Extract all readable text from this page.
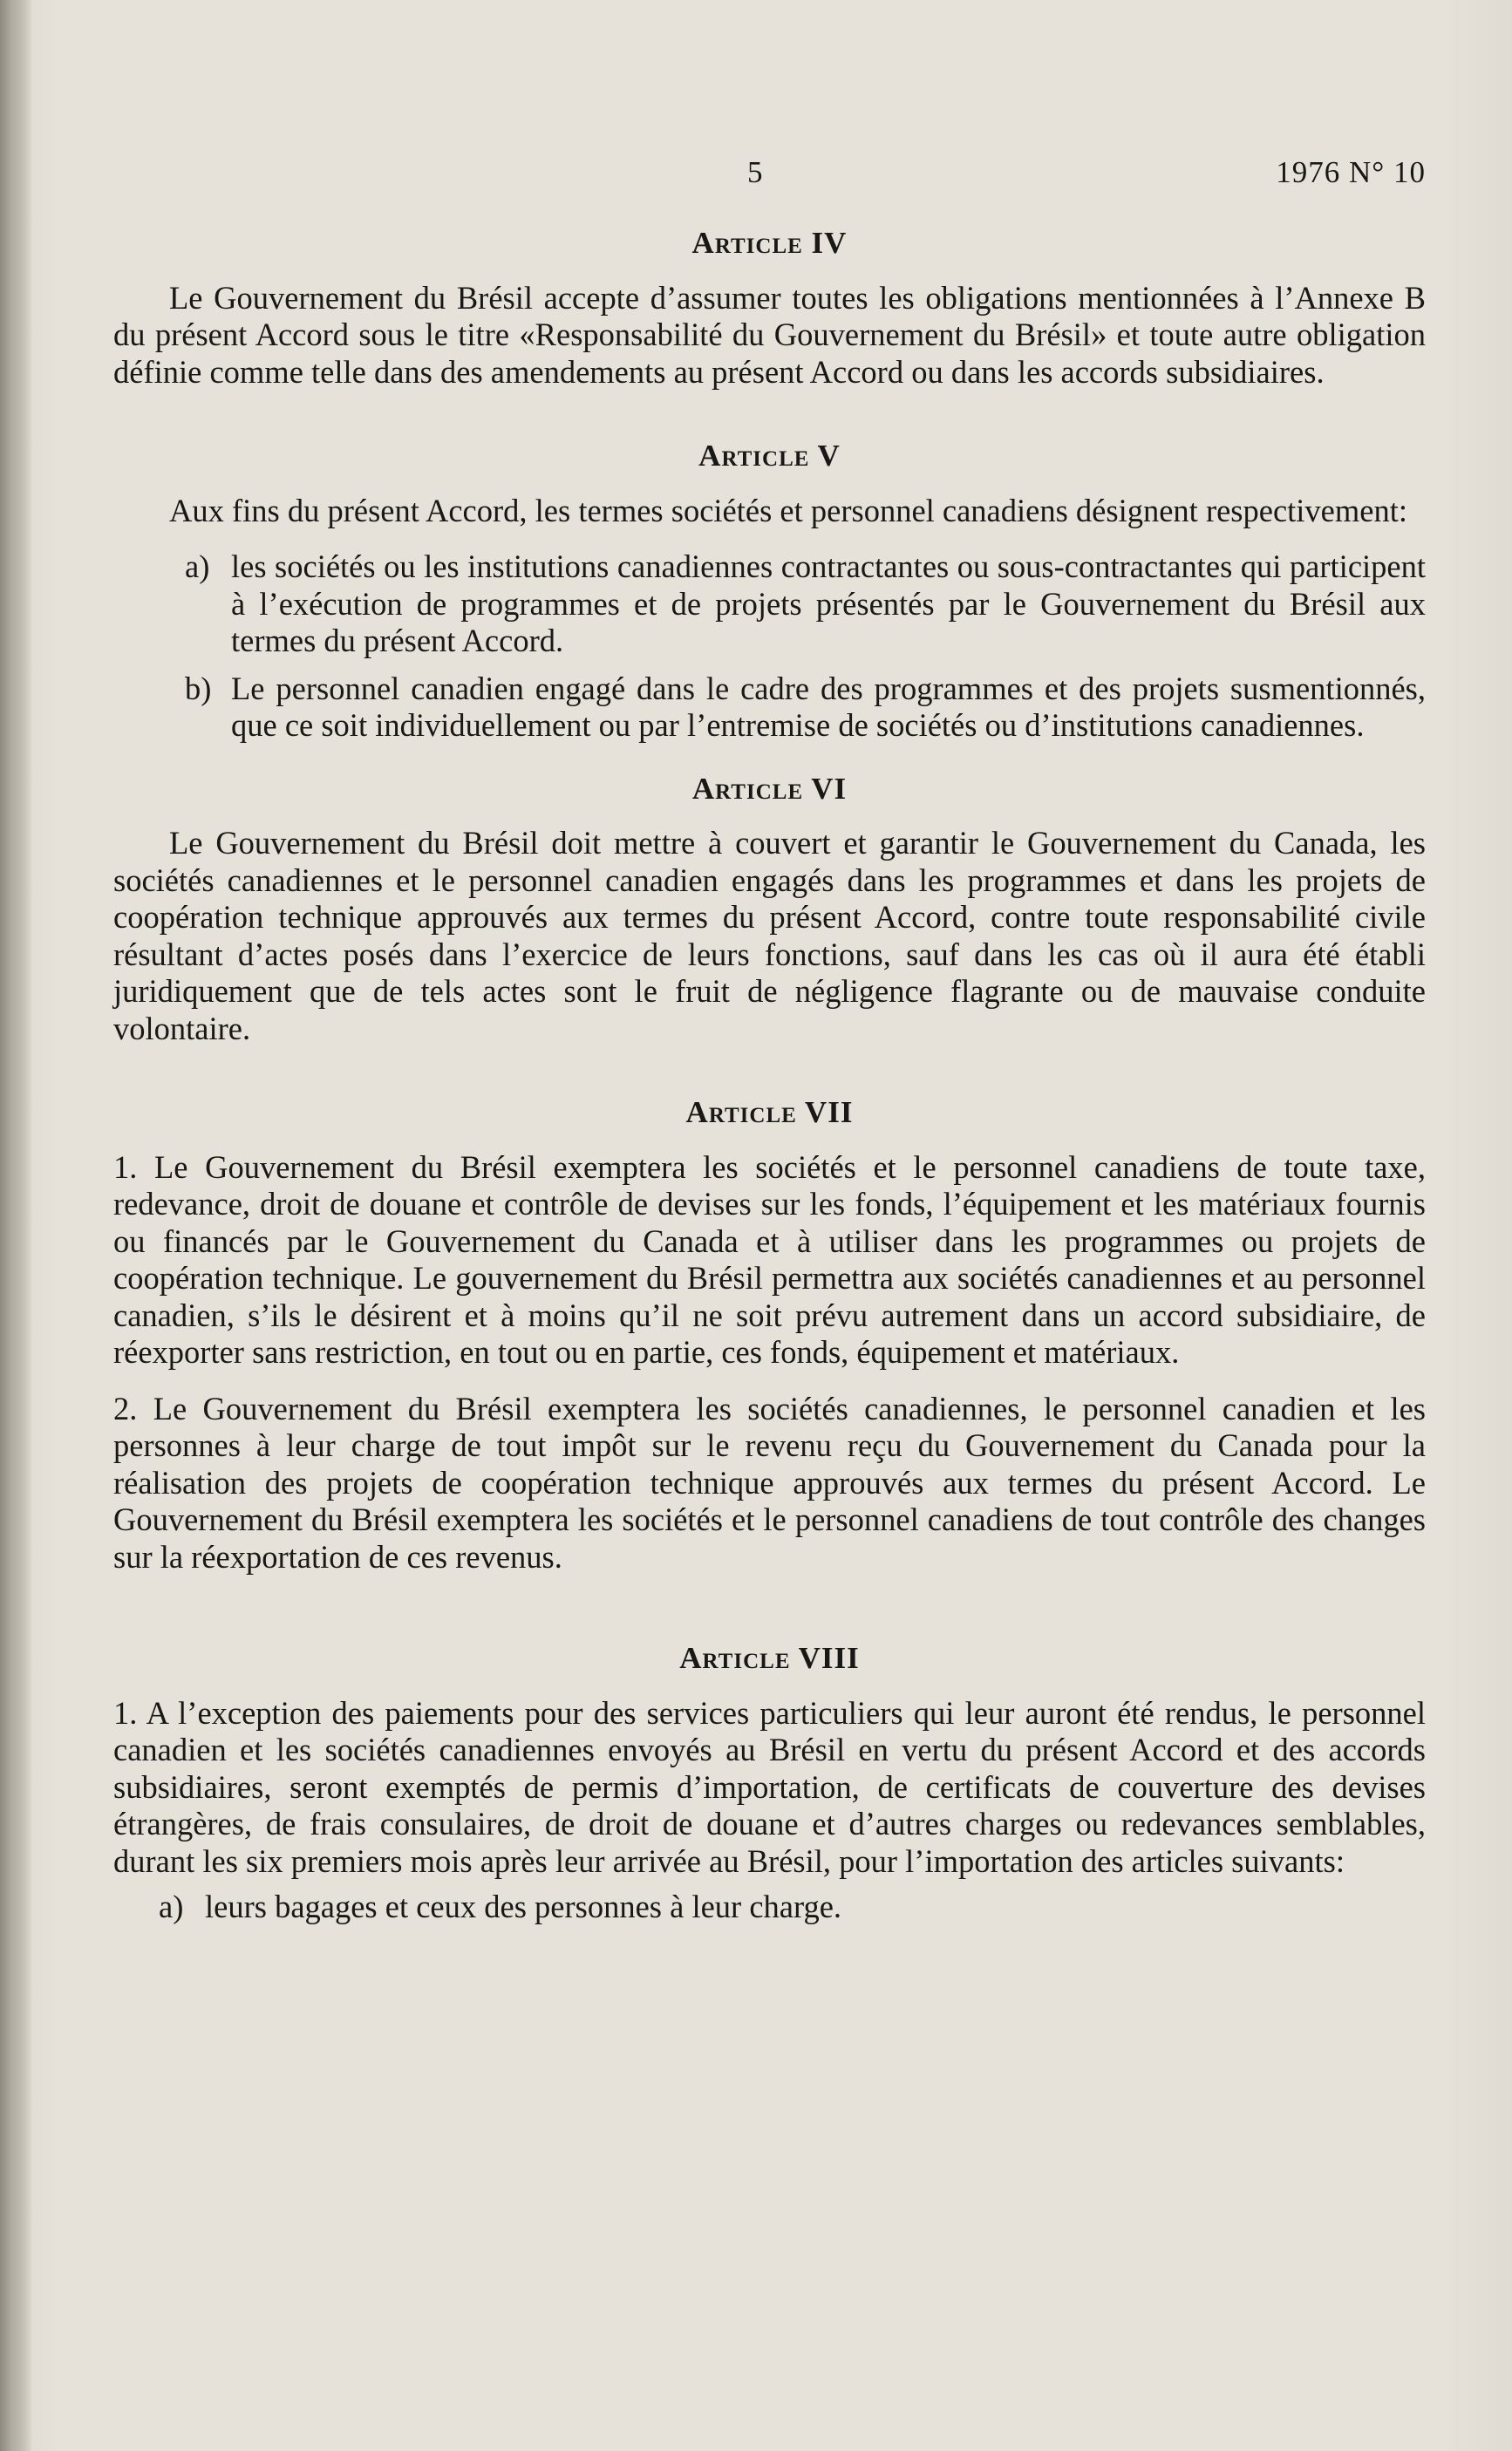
5	1976 N° 10
Article IV

Le Gouvernement du Brésil accepte d’assumer toutes les obligations mentionnées à l’Annexe B du présent Accord sous le titre «Responsabilité du Gouvernement du Brésil» et toute autre obligation définie comme telle dans des amendements au présent Accord ou dans les accords subsidiaires.

Article V

Aux fins du présent Accord, les termes sociétés et personnel canadiens désignent respectivement:

a) les sociétés ou les institutions canadiennes contractantes ou sous-contractantes qui participent à l’exécution de programmes et de projets présentés par le Gouvernement du Brésil aux termes du présent Accord.
b) Le personnel canadien engagé dans le cadre des programmes et des projets susmentionnés, que ce soit individuellement ou par l’entremise de sociétés ou d’institutions canadiennes.
Article VI

Le Gouvernement du Brésil doit mettre à couvert et garantir le Gouvernement du Canada, les sociétés canadiennes et le personnel canadien engagés dans les programmes et dans les projets de coopération technique approuvés aux termes du présent Accord, contre toute responsabilité civile résultant d’actes posés dans l’exercice de leurs fonctions, sauf dans les cas où il aura été établi juridiquement que de tels actes sont le fruit de négligence flagrante ou de mauvaise conduite volontaire.

Article VII

1. Le Gouvernement du Brésil exemptera les sociétés et le personnel canadiens de toute taxe, redevance, droit de douane et contrôle de devises sur les fonds, l’équipement et les matériaux fournis ou financés par le Gouvernement du Canada et à utiliser dans les programmes ou projets de coopération technique. Le gouvernement du Brésil permettra aux sociétés canadiennes et au personnel canadien, s’ils le désirent et à moins qu’il ne soit prévu autrement dans un accord subsidiaire, de réexporter sans restriction, en tout ou en partie, ces fonds, équipement et matériaux.

2. Le Gouvernement du Brésil exemptera les sociétés canadiennes, le personnel canadien et les personnes à leur charge de tout impôt sur le revenu reçu du Gouvernement du Canada pour la réalisation des projets de coopération technique approuvés aux termes du présent Accord. Le Gouvernement du Brésil exemptera les sociétés et le personnel canadiens de tout contrôle des changes sur la réexportation de ces revenus.

Article VIII

1. A l’exception des paiements pour des services particuliers qui leur auront été rendus, le personnel canadien et les sociétés canadiennes envoyés au Brésil en vertu du présent Accord et des accords subsidiaires, seront exemptés de permis d’importation, de certificats de couverture des devises étrangères, de frais consulaires, de droit de douane et d’autres charges ou redevances semblables, durant les six premiers mois après leur arrivée au Brésil, pour l’importation des articles suivants:

a) leurs bagages et ceux des personnes à leur charge.
